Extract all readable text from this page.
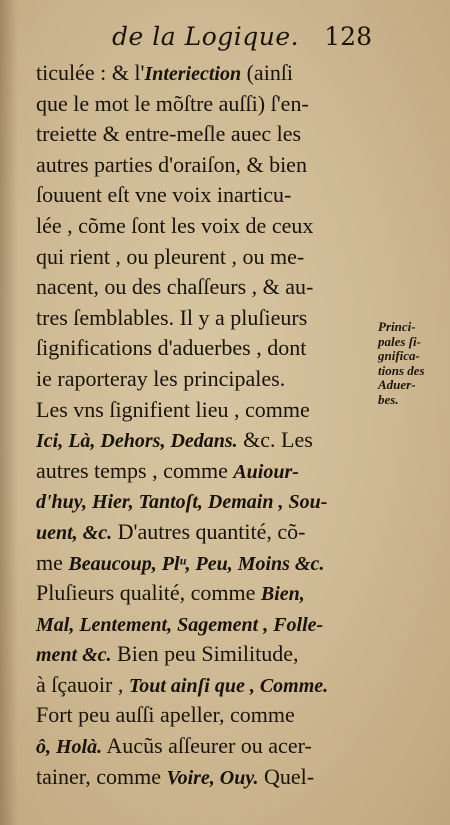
de la Logique. 128
ticulée : & l'Interiection (ainſi
que le mot le mõſtre auſſi) ſ'en-
treiette & entre-meſle auec les
autres parties d'oraiſon, & bien
ſouuent eſt vne voix inarticu-
lée , cõme ſont les voix de ceux
qui rient , ou pleurent , ou me-
nacent, ou des chaſſeurs , & au-
tres ſemblables. Il y a pluſieurs
ſignifications d'aduerbes , dont
ie raporteray les principales.
Les vns ſignifient lieu , comme
Ici, Là, Dehors, Dedans. &c. Les
autres temps , comme Auiour-
d'huy, Hier, Tantoſt, Demain , Sou-
uent, &c. D'autres quantité, cõ-
me Beaucoup, Plᵘ, Peu, Moins &c.
Pluſieurs qualité, comme Bien,
Mal, Lentement, Sagement , Folle-
ment &c. Bien peu Similitude,
à ſçauoir , Tout ainſi que , Comme.
Fort peu auſſi apeller, comme
ô, Holà. Aucũs aſſeurer ou acer-
tainer, comme Voire, Ouy. Quel-
Princi-
pales ſi-
gnifica-
tions des
Aduer-
bes.
